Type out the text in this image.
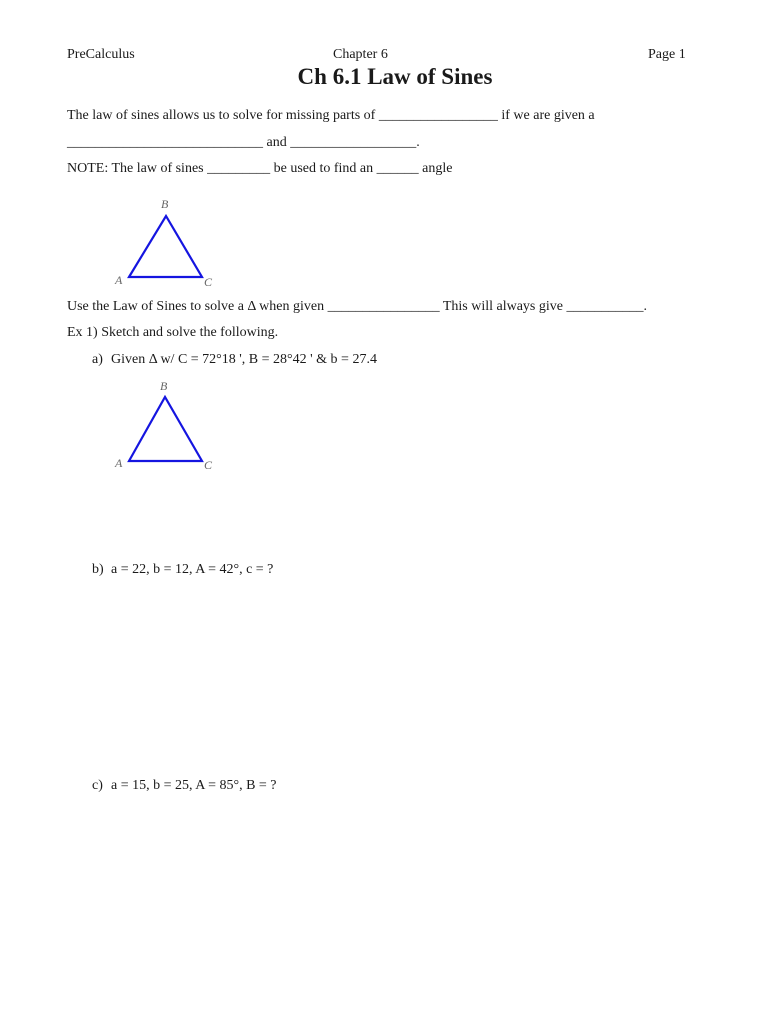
PreCalculus	Chapter 6	Page 1
Ch 6.1 Law of Sines
The law of sines allows us to solve for missing parts of _________________ if we are given a
____________________________ and __________________.
NOTE: The law of sines _________ be used to find an ______ angle
B
A	C
Use the Law of Sines to solve a Δ when given ________________ This will always give ___________.
Ex 1) Sketch and solve the following.
a) Given Δ w/ C = 72°18 ', B = 28°42 ' & b = 27.4
B
A	C
b) a = 22, b = 12, A = 42°, c = ?
c) a = 15, b = 25, A = 85°, B = ?
